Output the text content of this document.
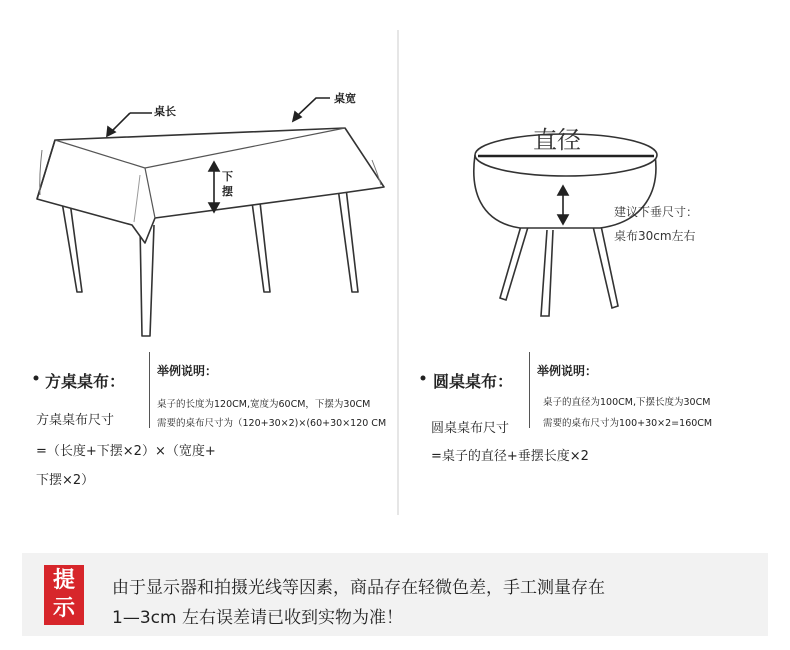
桌长
桌宽
下摆
直径
建议下垂尺寸：
桌布30cm左右
方桌桌布：
举例说明：
桌子的长度为120CM,宽度为60CM，下摆为30CM
需要的桌布尺寸为（120+30×2)×(60+30×120 CM
方桌桌布尺寸
=（长度+下摆×2）×（宽度+
下摆×2）
圆桌桌布：
举例说明：
桌子的直径为100CM,下摆长度为30CM
需要的桌布尺寸为100+30×2=160CM
圆桌桌布尺寸
=桌子的直径+垂摆长度×2
提示
由于显示器和拍摄光线等因素，商品存在轻微色差，手工测量存在
1—3cm 左右误差请已收到实物为准！
